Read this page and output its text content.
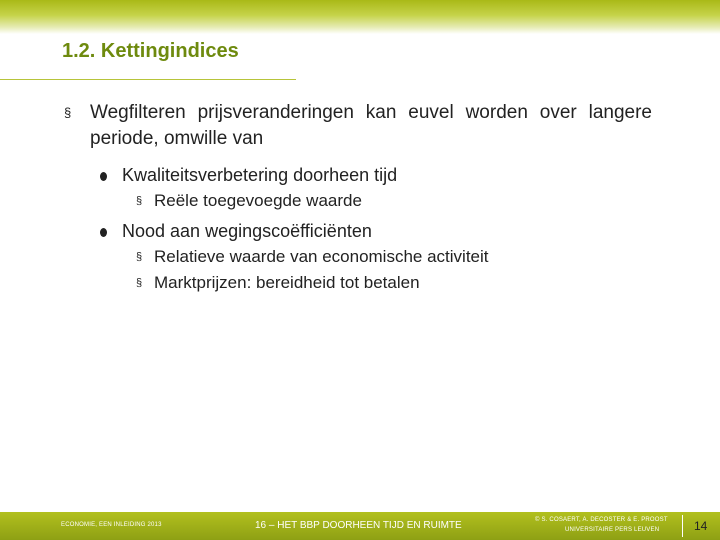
1.2. Kettingindices
§ Wegfilteren prijsveranderingen kan euvel worden over langere periode, omwille van
Kwaliteitsverbetering doorheen tijd
§ Reële toegevoegde waarde
Nood aan wegingscoëfficiënten
§ Relatieve waarde van economische activiteit
§ Marktprijzen: bereidheid tot betalen
ECONOMIE, EEN INLEIDING 2013	16 – HET BBP DOORHEEN TIJD EN RUIMTE	© S. COSAERT, A. DECOSTER & E. PROOST
UNIVERSITAIRE PERS LEUVEN	14
